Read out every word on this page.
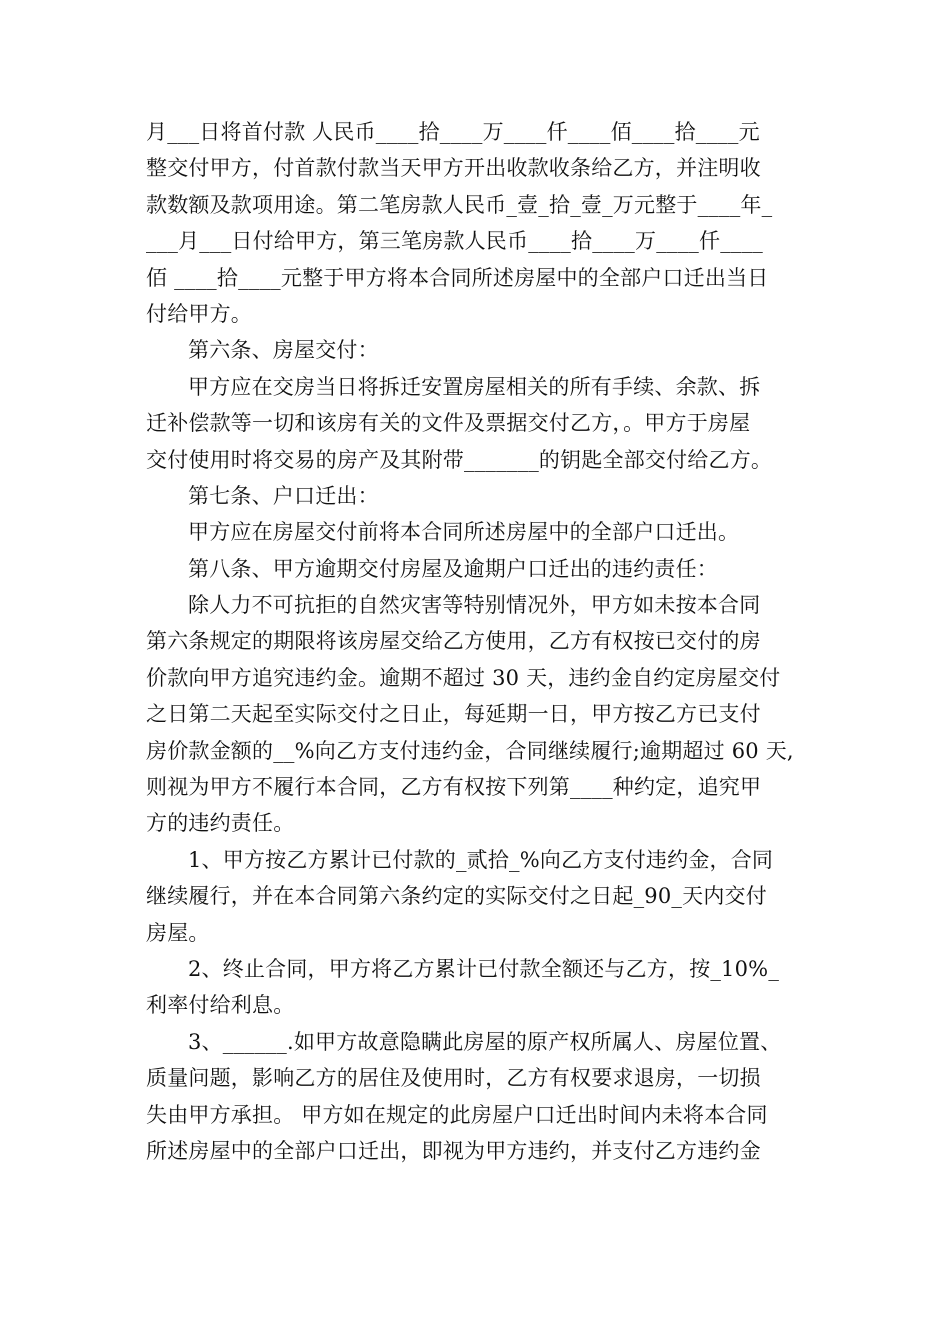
月___日将首付款 人民币____拾____万____仟____佰____拾____元
整交付甲方，付首款付款当天甲方开出收款收条给乙方，并注明收
款数额及款项用途。第二笔房款人民币_壹_拾_壹_万元整于____年_
___月___日付给甲方，第三笔房款人民币____拾____万____仟____
佰 ____拾____元整于甲方将本合同所述房屋中的全部户口迁出当日
付给甲方。
第六条、房屋交付：
甲方应在交房当日将拆迁安置房屋相关的所有手续、余款、拆
迁补偿款等一切和该房有关的文件及票据交付乙方，。甲方于房屋
交付使用时将交易的房产及其附带_______的钥匙全部交付给乙方。
第七条、户口迁出：
甲方应在房屋交付前将本合同所述房屋中的全部户口迁出。
第八条、甲方逾期交付房屋及逾期户口迁出的违约责任：
除人力不可抗拒的自然灾害等特别情况外，甲方如未按本合同
第六条规定的期限将该房屋交给乙方使用，乙方有权按已交付的房
价款向甲方追究违约金。逾期不超过 30 天，违约金自约定房屋交付
之日第二天起至实际交付之日止，每延期一日，甲方按乙方已支付
房价款金额的__%向乙方支付违约金，合同继续履行;逾期超过 60 天,
则视为甲方不履行本合同，乙方有权按下列第____种约定，追究甲
方的违约责任。
1、甲方按乙方累计已付款的_贰拾_%向乙方支付违约金，合同
继续履行，并在本合同第六条约定的实际交付之日起_90_天内交付
房屋。
2、终止合同，甲方将乙方累计已付款全额还与乙方，按_10%_
利率付给利息。
3、______.如甲方故意隐瞒此房屋的原产权所属人、房屋位置、
质量问题，影响乙方的居住及使用时，乙方有权要求退房，一切损
失由甲方承担。 甲方如在规定的此房屋户口迁出时间内未将本合同
所述房屋中的全部户口迁出，即视为甲方违约，并支付乙方违约金
